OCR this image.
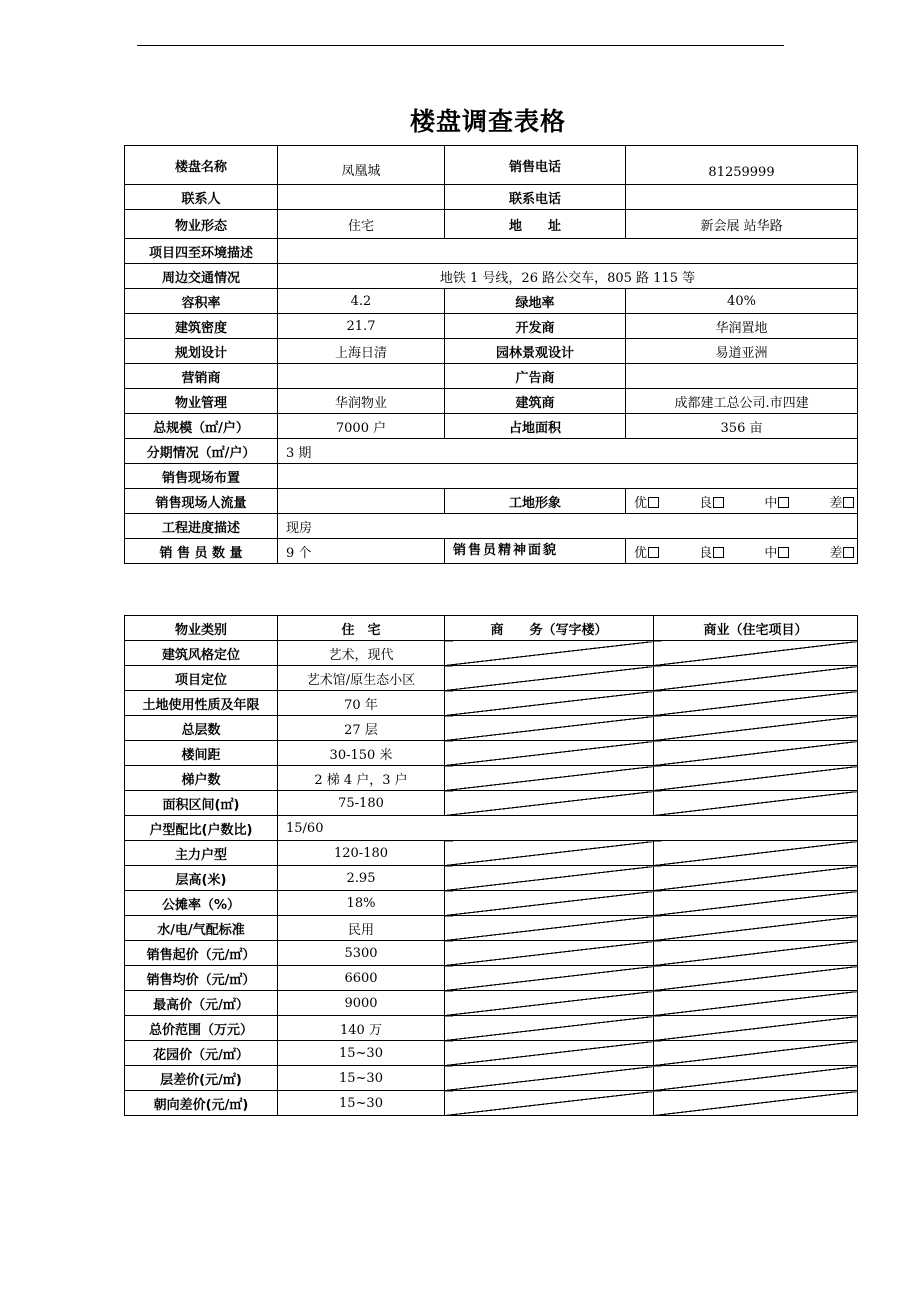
楼盘调查表格
楼盘名称	凤凰城	销售电话	81259999
联系人		联系电话	
物业形态	住宅	地　　址	新会展 站华路
项目四至环境描述			
周边交通情况	地铁 1 号线，26 路公交车，805 路 115 等		
容积率	4.2	绿地率	40%
建筑密度	21.7	开发商	华润置地
规划设计	上海日清	园林景观设计	易道亚洲
营销商		广告商	
物业管理	华润物业	建筑商	成都建工总公司.市四建
总规模（㎡/户）	7000 户	占地面积	356 亩
分期情况（㎡/户）	3 期		
销售现场布置			
销售现场人流量		工地形象	优 良 中 差
工程进度描述	现房		
销 售 员 数 量	9 个	销售员精神面貌	优 良 中 差
物业类别	住　宅	商　　务（写字楼）	商业（住宅项目）
建筑风格定位	艺术，现代		
项目定位	艺术馆/原生态小区		
土地使用性质及年限	70 年		
总层数	27 层		
楼间距	30-150 米		
梯户数	2 梯 4 户，3 户		
面积区间(㎡)	75-180		
户型配比(户数比)	15/60		
主力户型	120-180		
层高(米)	2.95		
公摊率（%）	18%		
水/电/气配标准	民用		
销售起价（元/㎡）	5300		
销售均价（元/㎡）	6600		
最高价（元/㎡）	9000		
总价范围（万元）	140 万		
花园价（元/㎡）	15~30		
层差价(元/㎡)	15~30		
朝向差价(元/㎡)	15~30		
